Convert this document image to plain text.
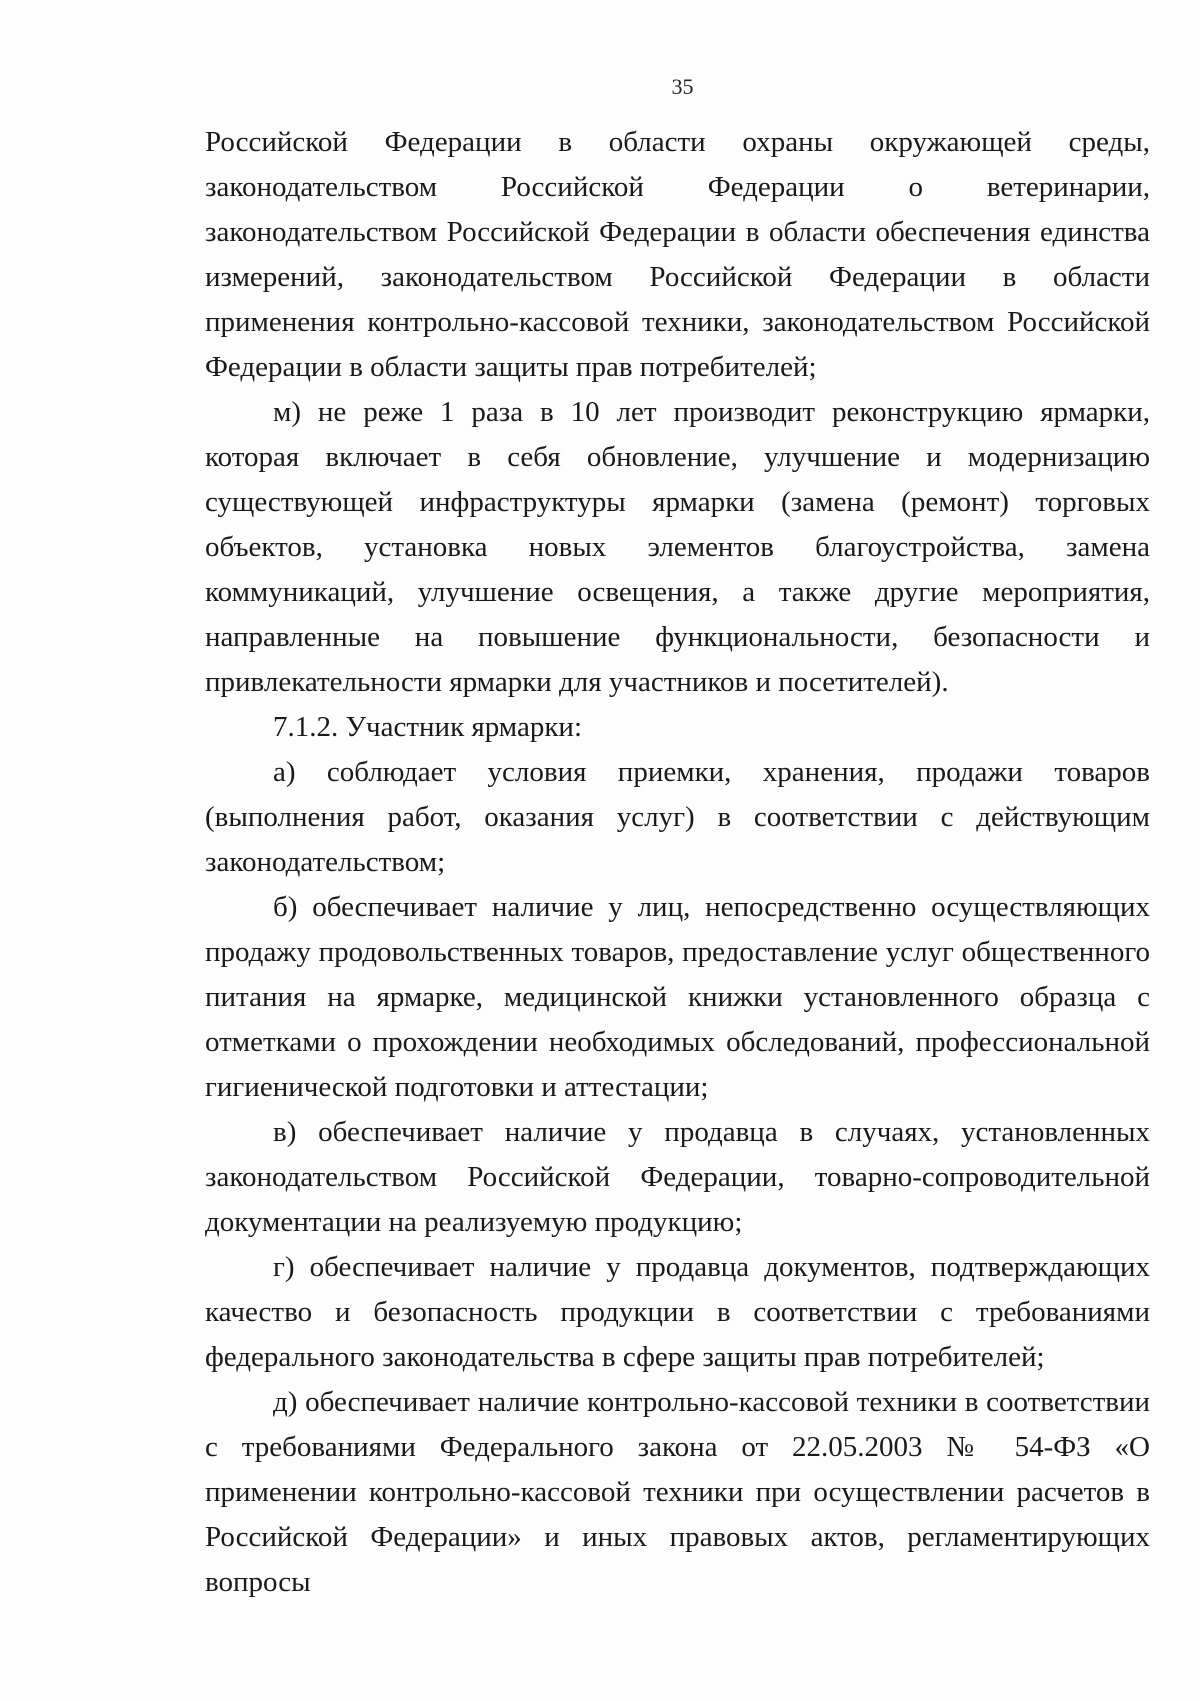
35

Российской Федерации в области охраны окружающей среды, законодательством Российской Федерации о ветеринарии, законодательством Российской Федерации в области обеспечения единства измерений, законодательством Российской Федерации в области применения контрольно-кассовой техники, законодательством Российской Федерации в области защиты прав потребителей;

м) не реже 1 раза в 10 лет производит реконструкцию ярмарки, которая включает в себя обновление, улучшение и модернизацию существующей инфраструктуры ярмарки (замена (ремонт) торговых объектов, установка новых элементов благоустройства, замена коммуникаций, улучшение освещения, а также другие мероприятия, направленные на повышение функциональности, безопасности и привлекательности ярмарки для участников и посетителей).

7.1.2. Участник ярмарки:

а) соблюдает условия приемки, хранения, продажи товаров (выполнения работ, оказания услуг) в соответствии с действующим законодательством;

б) обеспечивает наличие у лиц, непосредственно осуществляющих продажу продовольственных товаров, предоставление услуг общественного питания на ярмарке, медицинской книжки установленного образца с отметками о прохождении необходимых обследований, профессиональной гигиенической подготовки и аттестации;

в) обеспечивает наличие у продавца в случаях, установленных законодательством Российской Федерации, товарно-сопроводительной документации на реализуемую продукцию;

г) обеспечивает наличие у продавца документов, подтверждающих качество и безопасность продукции в соответствии с требованиями федерального законодательства в сфере защиты прав потребителей;

д) обеспечивает наличие контрольно-кассовой техники в соответствии с требованиями Федерального закона от 22.05.2003 № 54-ФЗ «О применении контрольно-кассовой техники при осуществлении расчетов в Российской Федерации» и иных правовых актов, регламентирующих вопросы
